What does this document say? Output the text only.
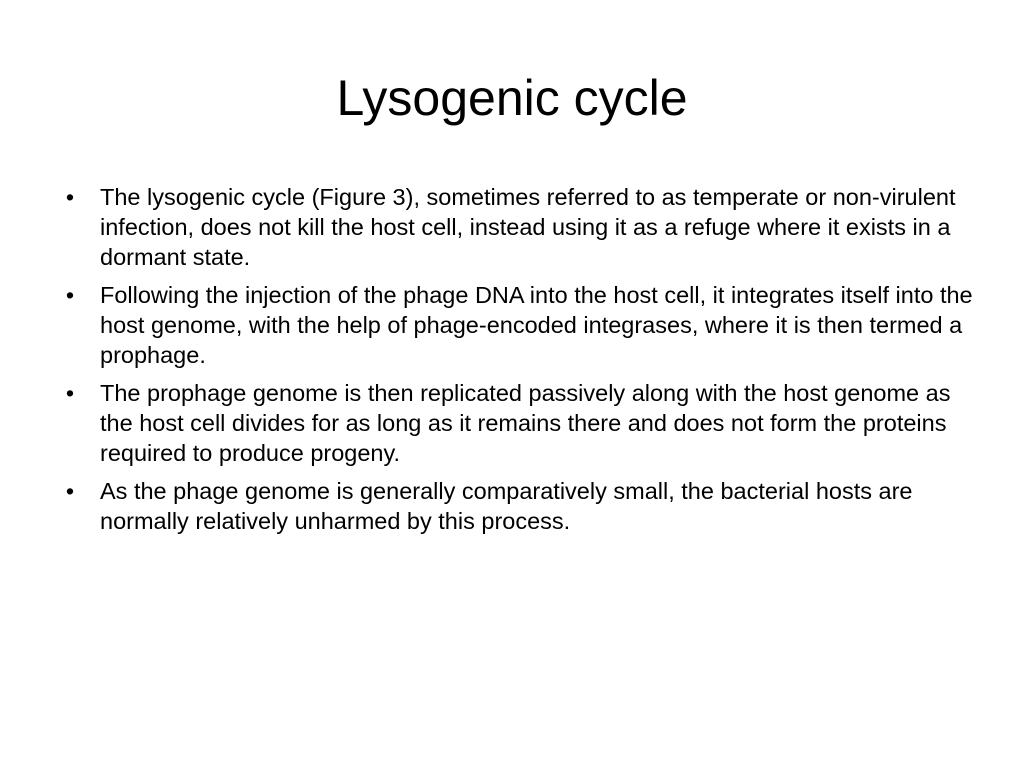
Lysogenic cycle
• The lysogenic cycle (Figure 3), sometimes referred to as temperate or non-virulent infection, does not kill the host cell, instead using it as a refuge where it exists in a dormant state.
• Following the injection of the phage DNA into the host cell, it integrates itself into the host genome, with the help of phage-encoded integrases, where it is then termed a prophage.
• The prophage genome is then replicated passively along with the host genome as the host cell divides for as long as it remains there and does not form the proteins required to produce progeny.
• As the phage genome is generally comparatively small, the bacterial hosts are normally relatively unharmed by this process.
